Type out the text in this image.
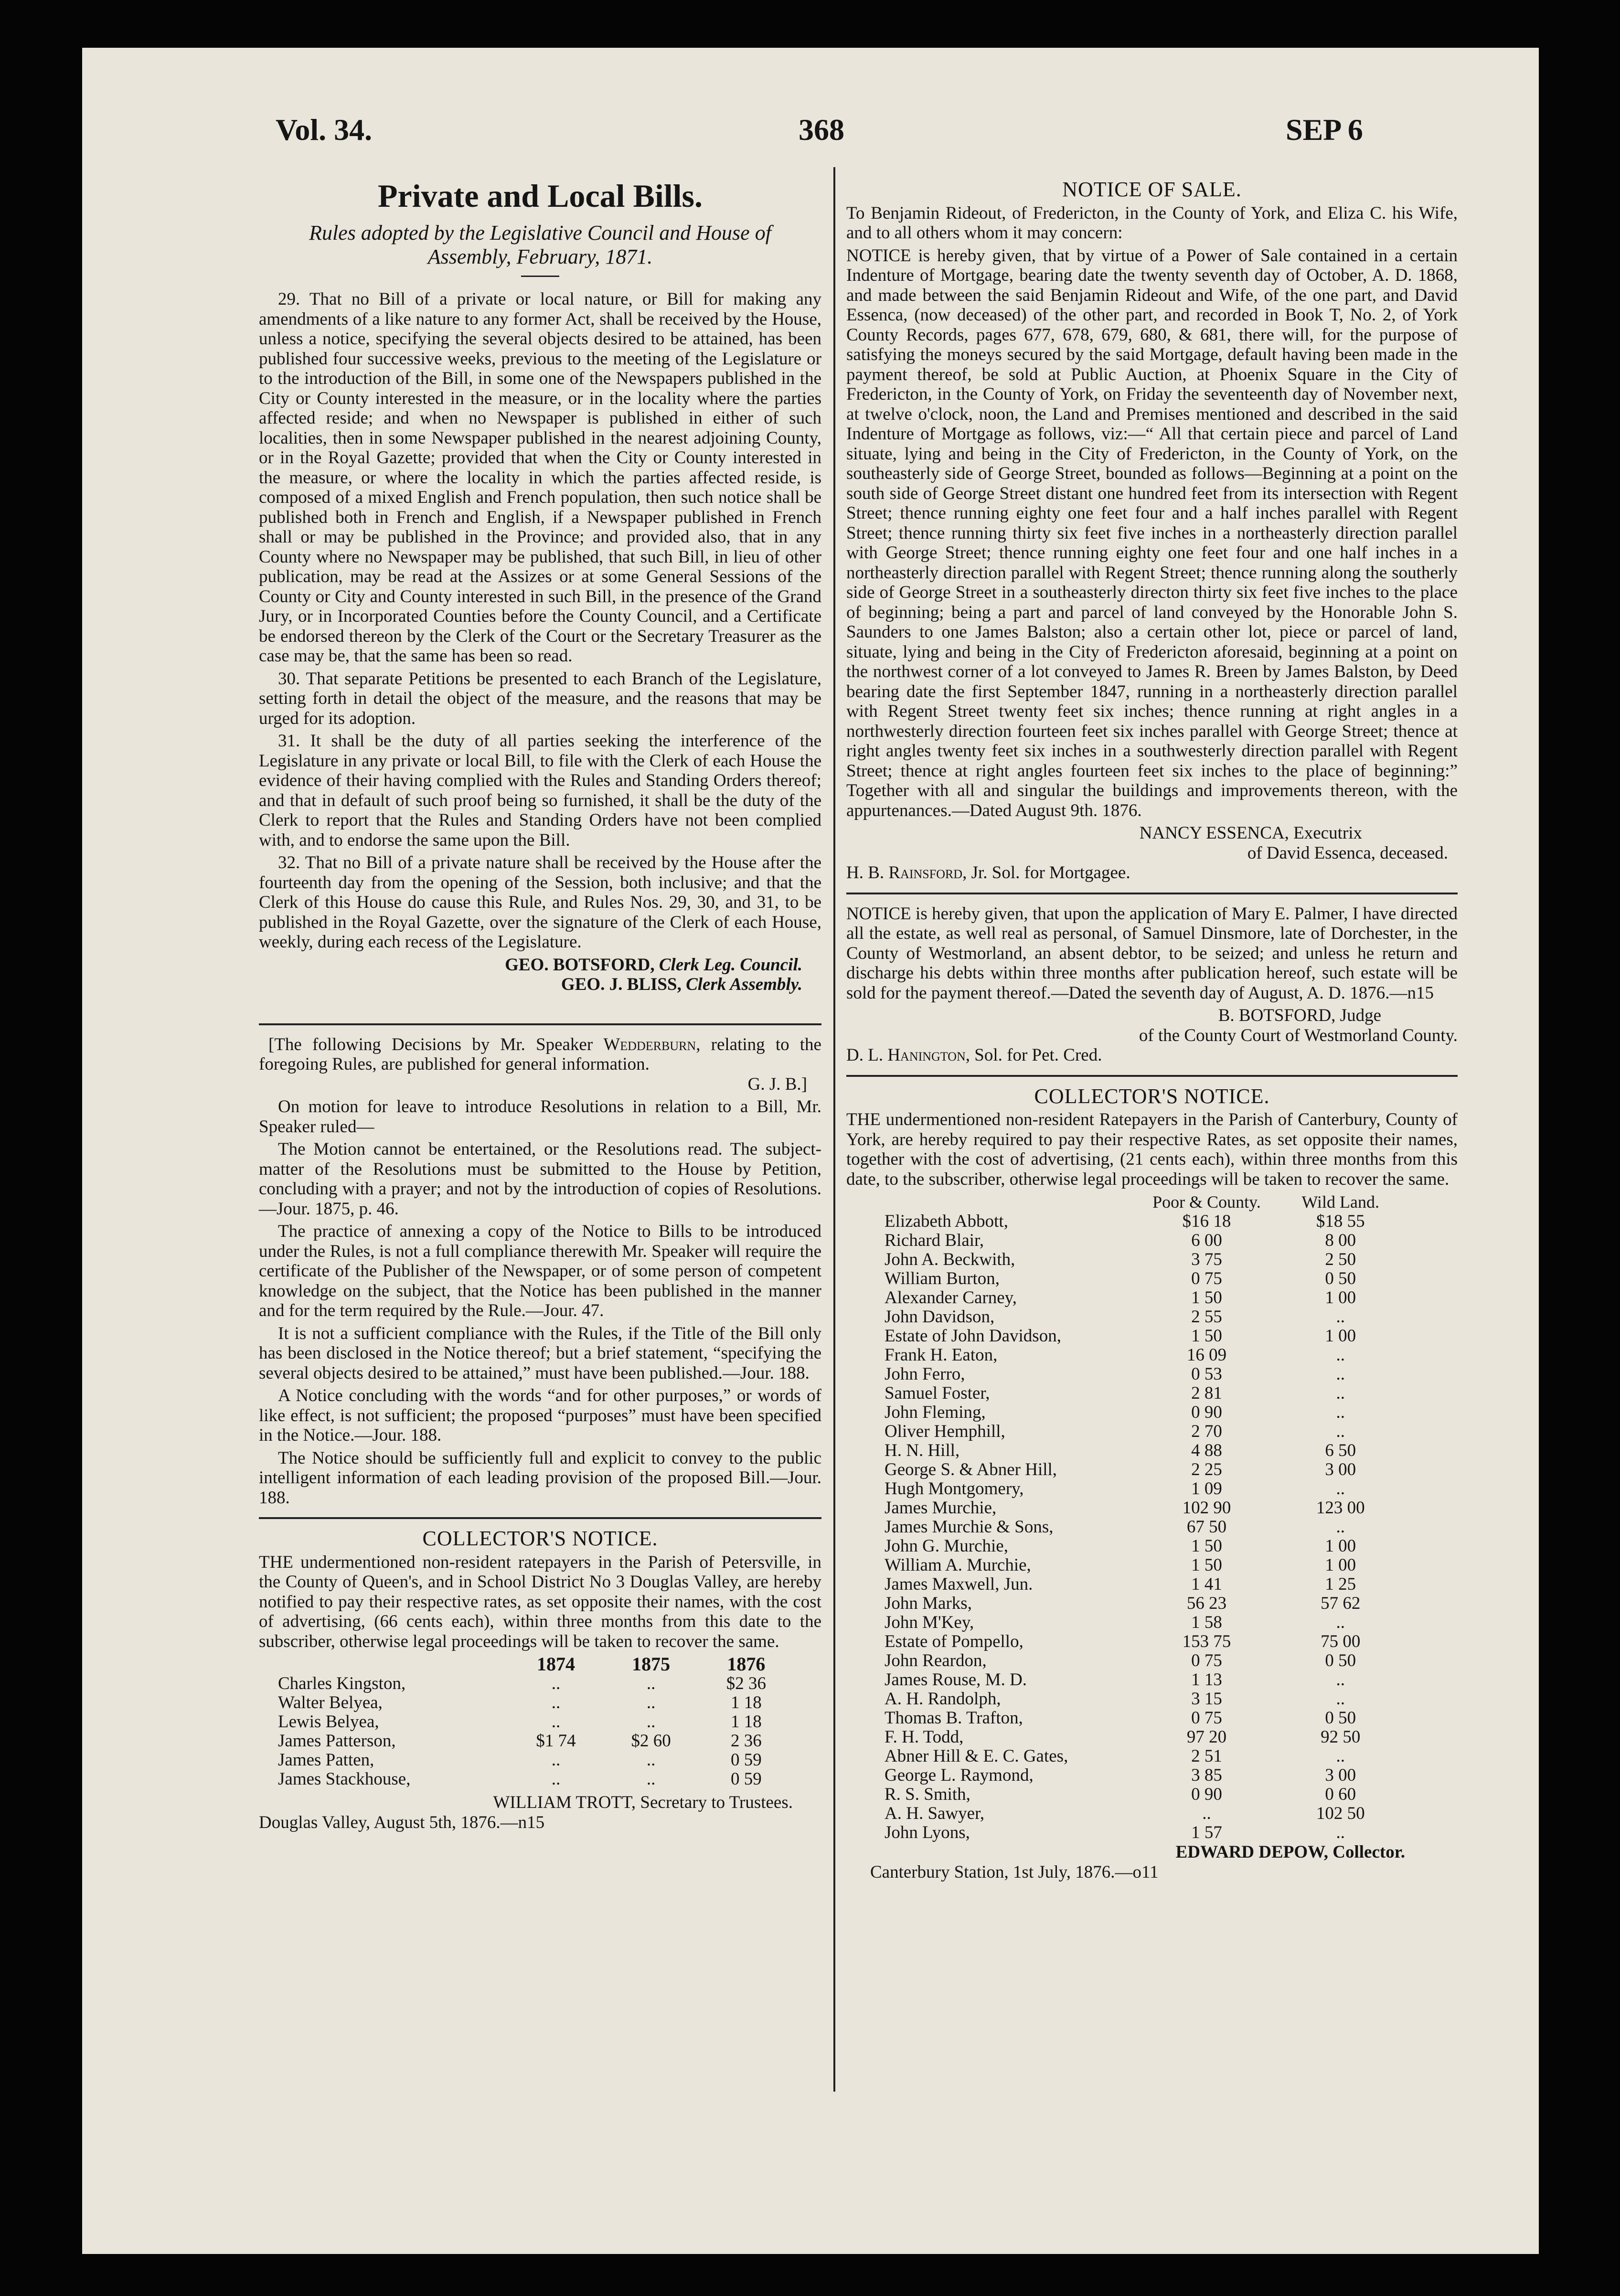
Vol. 34.	368	SEP 6
Private and Local Bills.
Rules adopted by the Legislative Council and House of Assembly, February, 1871.

29. That no Bill of a private or local nature, or Bill for making any amendments of a like nature to any former Act, shall be received by the House, unless a notice, specifying the several objects desired to be attained, has been published four successive weeks, previous to the meeting of the Legislature or to the introduction of the Bill, in some one of the Newspapers published in the City or County interested in the measure, or in the locality where the parties affected reside; and when no Newspaper is published in either of such localities, then in some Newspaper published in the nearest adjoining County, or in the Royal Gazette; provided that when the City or County interested in the measure, or where the locality in which the parties affected reside, is composed of a mixed English and French population, then such notice shall be published both in French and English, if a Newspaper published in French shall or may be published in the Province; and provided also, that in any County where no Newspaper may be published, that such Bill, in lieu of other publication, may be read at the Assizes or at some General Sessions of the County or City and County interested in such Bill, in the presence of the Grand Jury, or in Incorporated Counties before the County Council, and a Certificate be endorsed thereon by the Clerk of the Court or the Secretary Treasurer as the case may be, that the same has been so read.

30. That separate Petitions be presented to each Branch of the Legislature, setting forth in detail the object of the measure, and the reasons that may be urged for its adoption.

31. It shall be the duty of all parties seeking the interference of the Legislature in any private or local Bill, to file with the Clerk of each House the evidence of their having complied with the Rules and Standing Orders thereof; and that in default of such proof being so furnished, it shall be the duty of the Clerk to report that the Rules and Standing Orders have not been complied with, and to endorse the same upon the Bill.

32. That no Bill of a private nature shall be received by the House after the fourteenth day from the opening of the Session, both inclusive; and that the Clerk of this House do cause this Rule, and Rules Nos. 29, 30, and 31, to be published in the Royal Gazette, over the signature of the Clerk of each House, weekly, during each recess of the Legislature.

GEO. BOTSFORD, Clerk Leg. Council.

GEO. J. BLISS, Clerk Assembly.

[The following Decisions by Mr. Speaker Wedderburn, relating to the foregoing Rules, are published for general information.
G. J. B.]

On motion for leave to introduce Resolutions in relation to a Bill, Mr. Speaker ruled—

The Motion cannot be entertained, or the Resolutions read. The subject-matter of the Resolutions must be submitted to the House by Petition, concluding with a prayer; and not by the introduction of copies of Resolutions.—Jour. 1875, p. 46.

The practice of annexing a copy of the Notice to Bills to be introduced under the Rules, is not a full compliance therewith Mr. Speaker will require the certificate of the Publisher of the Newspaper, or of some person of competent knowledge on the subject, that the Notice has been published in the manner and for the term required by the Rule.—Jour. 47.

It is not a sufficient compliance with the Rules, if the Title of the Bill only has been disclosed in the Notice thereof; but a brief statement, “specifying the several objects desired to be attained,” must have been published.—Jour. 188.

A Notice concluding with the words “and for other purposes,” or words of like effect, is not sufficient; the proposed “purposes” must have been specified in the Notice.—Jour. 188.

The Notice should be sufficiently full and explicit to convey to the public intelligent information of each leading provision of the proposed Bill.—Jour. 188.

COLLECTOR'S NOTICE.

THE undermentioned non-resident ratepayers in the Parish of Petersville, in the County of Queen's, and in School District No 3 Douglas Valley, are hereby notified to pay their respective rates, as set opposite their names, with the cost of advertising, (66 cents each), within three months from this date to the subscriber, otherwise legal proceedings will be taken to recover the same.

	1874	1875	1876
Charles Kingston,	..	..	$2 36
Walter Belyea,	..	..	1 18
Lewis Belyea,	..	..	1 18
James Patterson,	$1 74	$2 60	2 36
James Patten,	..	..	0 59
James Stackhouse,	..	..	0 59

WILLIAM TROTT, Secretary to Trustees.

Douglas Valley, August 5th, 1876.—n15

NOTICE OF SALE.

To Benjamin Rideout, of Fredericton, in the County of York, and Eliza C. his Wife, and to all others whom it may concern:

NOTICE is hereby given, that by virtue of a Power of Sale contained in a certain Indenture of Mortgage, bearing date the twenty seventh day of October, A. D. 1868, and made between the said Benjamin Rideout and Wife, of the one part, and David Essenca, (now deceased) of the other part, and recorded in Book T, No. 2, of York County Records, pages 677, 678, 679, 680, & 681, there will, for the purpose of satisfying the moneys secured by the said Mortgage, default having been made in the payment thereof, be sold at Public Auction, at Phoenix Square in the City of Fredericton, in the County of York, on Friday the seventeenth day of November next, at twelve o'clock, noon, the Land and Premises mentioned and described in the said Indenture of Mortgage as follows, viz:—“ All that certain piece and parcel of Land situate, lying and being in the City of Fredericton, in the County of York, on the southeasterly side of George Street, bounded as follows—Beginning at a point on the south side of George Street distant one hundred feet from its intersection with Regent Street; thence running eighty one feet four and a half inches parallel with Regent Street; thence running thirty six feet five inches in a northeasterly direction parallel with George Street; thence running eighty one feet four and one half inches in a northeasterly direction parallel with Regent Street; thence running along the southerly side of George Street in a southeasterly directon thirty six feet five inches to the place of beginning; being a part and parcel of land conveyed by the Honorable John S. Saunders to one James Balston; also a certain other lot, piece or parcel of land, situate, lying and being in the City of Fredericton aforesaid, beginning at a point on the northwest corner of a lot conveyed to James R. Breen by James Balston, by Deed bearing date the first September 1847, running in a northeasterly direction parallel with Regent Street twenty feet six inches; thence running at right angles in a northwesterly direction fourteen feet six inches parallel with George Street; thence at right angles twenty feet six inches in a southwesterly direction parallel with Regent Street; thence at right angles fourteen feet six inches to the place of beginning:” Together with all and singular the buildings and improvements thereon, with the appurtenances.—Dated August 9th. 1876.

NANCY ESSENCA, Executrix

of David Essenca, deceased.

H. B. Rainsford, Jr. Sol. for Mortgagee.

NOTICE is hereby given, that upon the application of Mary E. Palmer, I have directed all the estate, as well real as personal, of Samuel Dinsmore, late of Dorchester, in the County of Westmorland, an absent debtor, to be seized; and unless he return and discharge his debts within three months after publication hereof, such estate will be sold for the payment thereof.—Dated the seventh day of August, A. D. 1876.—n15

B. BOTSFORD, Judge

of the County Court of Westmorland County.

D. L. Hanington, Sol. for Pet. Cred.

COLLECTOR'S NOTICE.

THE undermentioned non-resident Ratepayers in the Parish of Canterbury, County of York, are hereby required to pay their respective Rates, as set opposite their names, together with the cost of advertising, (21 cents each), within three months from this date, to the subscriber, otherwise legal proceedings will be taken to recover the same.

	Poor & County.	Wild Land.
Elizabeth Abbott,	$16 18	$18 55
Richard Blair,	6 00	8 00
John A. Beckwith,	3 75	2 50
William Burton,	0 75	0 50
Alexander Carney,	1 50	1 00
John Davidson,	2 55	..
Estate of John Davidson,	1 50	1 00
Frank H. Eaton,	16 09	..
John Ferro,	0 53	..
Samuel Foster,	2 81	..
John Fleming,	0 90	..
Oliver Hemphill,	2 70	..
H. N. Hill,	4 88	6 50
George S. & Abner Hill,	2 25	3 00
Hugh Montgomery,	1 09	..
James Murchie,	102 90	123 00
James Murchie & Sons,	67 50	..
John G. Murchie,	1 50	1 00
William A. Murchie,	1 50	1 00
James Maxwell, Jun.	1 41	1 25
John Marks,	56 23	57 62
John M'Key,	1 58	..
Estate of Pompello,	153 75	75 00
John Reardon,	0 75	0 50
James Rouse, M. D.	1 13	..
A. H. Randolph,	3 15	..
Thomas B. Trafton,	0 75	0 50
F. H. Todd,	97 20	92 50
Abner Hill & E. C. Gates,	2 51	..
George L. Raymond,	3 85	3 00
R. S. Smith,	0 90	0 60
A. H. Sawyer,	..	102 50
John Lyons,	1 57	..

EDWARD DEPOW, Collector.

Canterbury Station, 1st July, 1876.—o11
